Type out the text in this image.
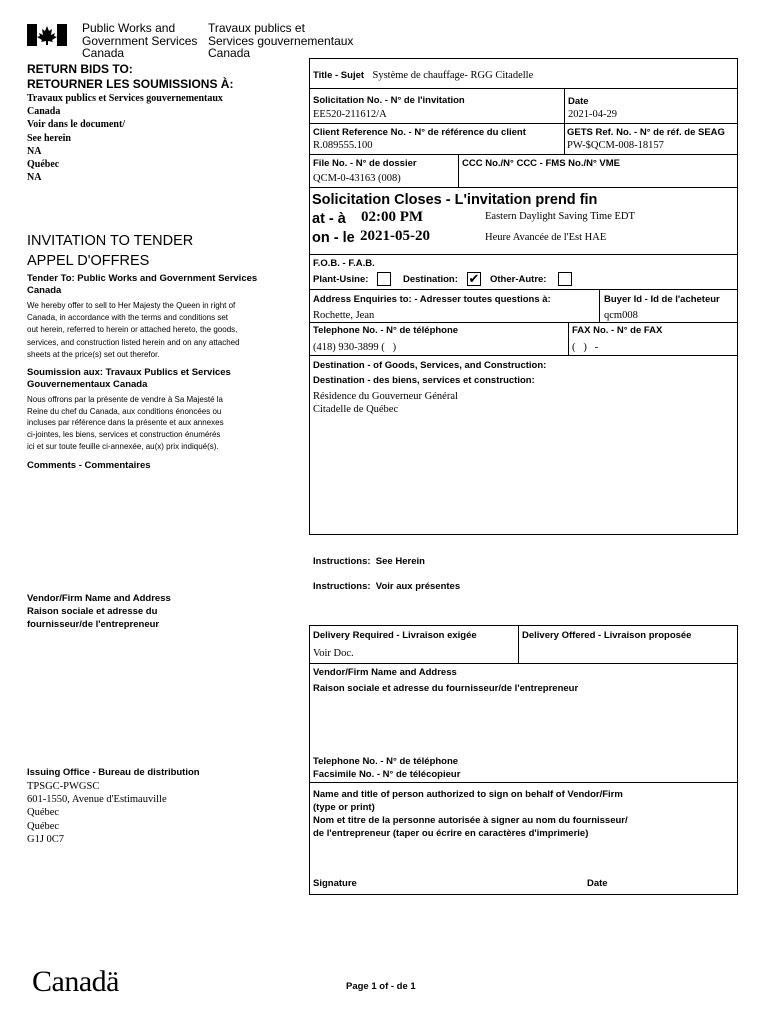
Public Works and
Government Services
Canada
Travaux publics et
Services gouvernementaux
Canada
RETURN BIDS TO:
RETOURNER LES SOUMISSIONS À:
Travaux publics et Services gouvernementaux
Canada
Voir dans le document/
See herein
NA
Québec
NA
INVITATION TO TENDER
APPEL D'OFFRES
Tender To: Public Works and Government Services
Canada
We hereby offer to sell to Her Majesty the Queen in right of
Canada, in accordance with the terms and conditions set
out herein, referred to herein or attached hereto, the goods,
services, and construction listed herein and on any attached
sheets at the price(s) set out therefor.
Soumission aux: Travaux Publics et Services
Gouvernementaux Canada
Nous offrons par la présente de vendre à Sa Majesté la
Reine du chef du Canada, aux conditions énoncées ou
incluses par référence dans la présente et aux annexes
ci-jointes, les biens, services et construction énumérés
ici et sur toute feuille ci-annexée, au(x) prix indiqué(s).
Comments - Commentaires
Vendor/Firm Name and Address
Raison sociale et adresse du
fournisseur/de l'entrepreneur
Issuing Office - Bureau de distribution
TPSGC-PWGSC
601-1550, Avenue d'Estimauville
Québec
Québec
G1J 0C7
Title - Sujet Système de chauffage- RGG Citadelle
Solicitation No. - N° de l'invitation
EE520-211612/A
Date
2021-04-29
Client Reference No. - N° de référence du client
R.089555.100
GETS Ref. No. - N° de réf. de SEAG
PW-$QCM-008-18157
File No. - N° de dossier
QCM-0-43163 (008)
CCC No./N° CCC - FMS No./N° VME
Solicitation Closes - L'invitation prend fin
at - à 02:00 PM
on - le 2021-05-20
Eastern Daylight Saving Time EDT
Heure Avancée de l'Est HAE
F.O.B. - F.A.B.
Plant-Usine:	Destination: ✔ Other-Autre:
Address Enquiries to: - Adresser toutes questions à:
Rochette, Jean
Buyer Id - Id de l'acheteur
qcm008
Telephone No. - N° de téléphone
(418) 930-3899 (   )
FAX No. - N° de FAX
(   )   -
Destination - of Goods, Services, and Construction:
Destination - des biens, services et construction:
Résidence du Gouverneur Général
Citadelle de Québec
Instructions:  See Herein
Instructions:  Voir aux présentes
Delivery Required - Livraison exigée
Voir Doc.
Delivery Offered - Livraison proposée
Vendor/Firm Name and Address
Raison sociale et adresse du fournisseur/de l'entrepreneur
Telephone No. - N° de téléphone
Facsimile No. - N° de télécopieur
Name and title of person authorized to sign on behalf of Vendor/Firm
(type or print)
Nom et titre de la personne autorisée à signer au nom du fournisseur/
de l'entrepreneur (taper ou écrire en caractères d'imprimerie)
Signature	Date
Canadä	Page 1 of - de 1
